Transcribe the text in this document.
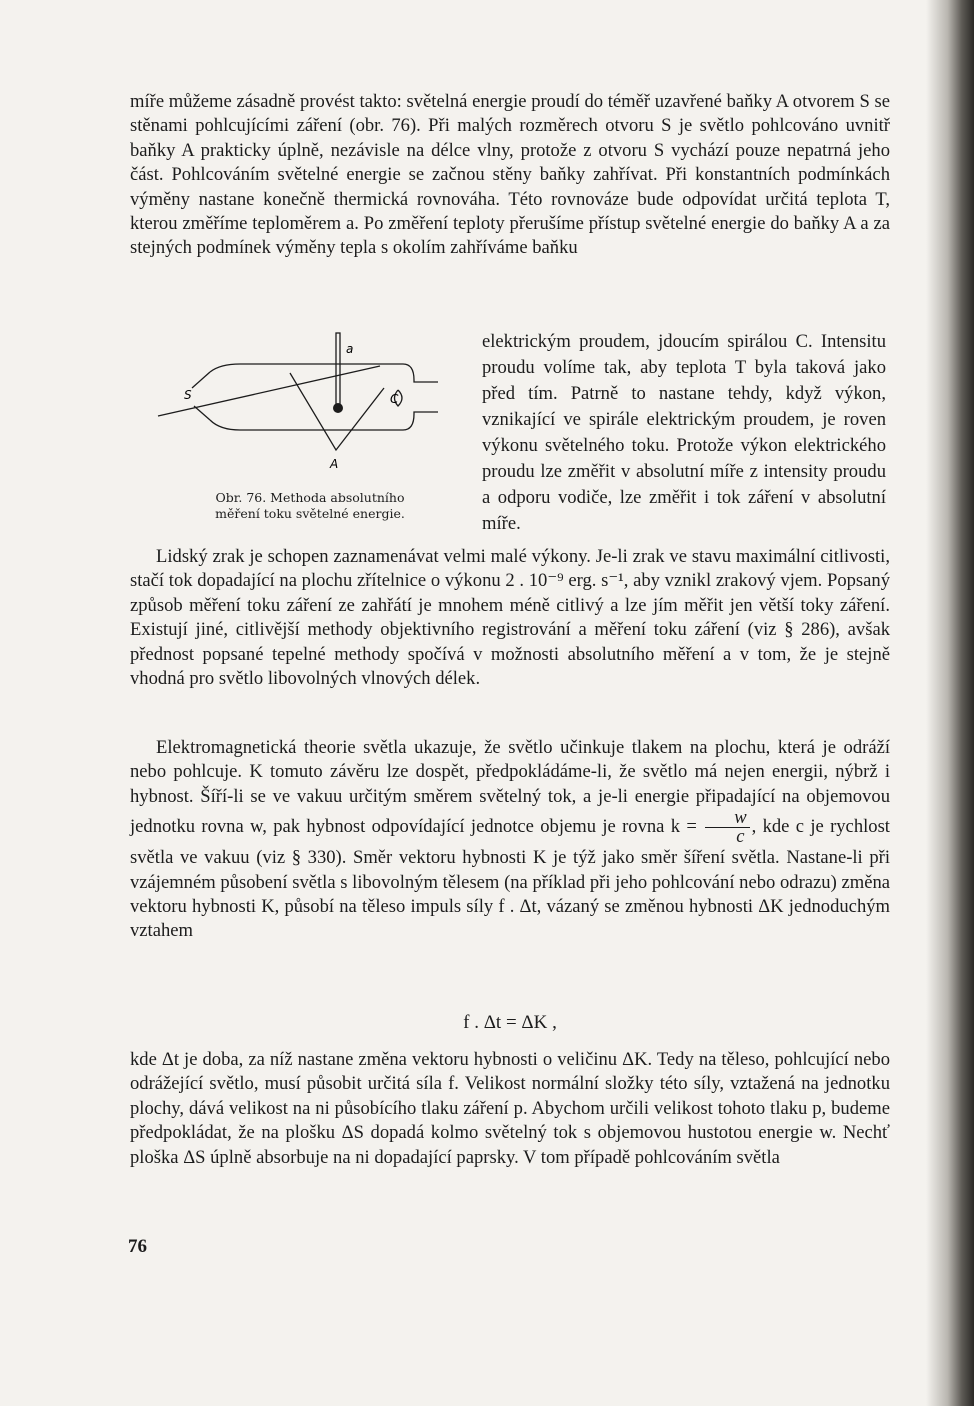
míře můžeme zásadně provést takto: světelná energie proudí do téměř uzavřené baňky A otvorem S se stěnami pohlcujícími záření (obr. 76). Při malých rozměrech otvoru S je světlo pohlcováno uvnitř baňky A prakticky úplně, nezávisle na délce vlny, protože z otvoru S vychází pouze nepatrná jeho část. Pohlcováním světelné energie se začnou stěny baňky zahřívat. Při konstantních podmínkách výměny nastane konečně thermická rovnováha. Této rovnováze bude odpovídat určitá teplota T, kterou změříme teploměrem a. Po změření teploty přerušíme přístup světelné energie do baňky A a za stejných podmínek výměny tepla s okolím zahříváme baňku

S
a
C
A
Obr. 76. Methoda absolutního
měření toku světelné energie.

elektrickým proudem, jdoucím spirálou C. Intensitu proudu volíme tak, aby teplota T byla taková jako před tím. Patrně to nastane tehdy, když výkon, vznikající ve spirále elektrickým proudem, je roven výkonu světelného toku. Protože výkon elektrického proudu lze změřit v absolutní míře z intensity proudu a odporu vodiče, lze změřit i tok záření v absolutní míře.

Lidský zrak je schopen zaznamenávat velmi malé výkony. Je-li zrak ve stavu maximální citlivosti, stačí tok dopadající na plochu zřítelnice o výkonu 2 . 10⁻⁹ erg. s⁻¹, aby vznikl zrakový vjem. Popsaný způsob měření toku záření ze zahřátí je mnohem méně citlivý a lze jím měřit jen větší toky záření. Existují jiné, citlivější methody objektivního registrování a měření toku záření (viz § 286), avšak přednost popsané tepelné methody spočívá v možnosti absolutního měření a v tom, že je stejně vhodná pro světlo libovolných vlnových délek.

Elektromagnetická theorie světla ukazuje, že světlo učinkuje tlakem na plochu, která je odráží nebo pohlcuje. K tomuto závěru lze dospět, předpokládáme-li, že světlo má nejen energii, nýbrž i hybnost. Šíří-li se ve vakuu určitým směrem světelný tok, a je-li energie připadající na objemovou jednotku rovna w, pak hybnost odpovídající jednotce objemu je rovna $k = \frac{w}{c}$ , kde c je rychlost světla ve vakuu (viz § 330). Směr vektoru hybnosti K je týž jako směr šíření světla. Nastane-li při vzájemném působení světla s libovolným tělesem (na příklad při jeho pohlcování nebo odrazu) změna vektoru hybnosti K, působí na těleso impuls síly f . Δt, vázaný se změnou hybnosti ΔK jednoduchým vztahem

f . Δt = ΔK ,

kde Δt je doba, za níž nastane změna vektoru hybnosti o veličinu ΔK. Tedy na těleso, pohlcující nebo odrážející světlo, musí působit určitá síla f. Velikost normální složky této síly, vztažená na jednotku plochy, dává velikost na ni působícího tlaku záření p. Abychom určili velikost tohoto tlaku p, budeme předpokládat, že na plošku ΔS dopadá kolmo světelný tok s objemovou hustotou energie w. Nechť ploška ΔS úplně absorbuje na ni dopadající paprsky. V tom případě pohlcováním světla

76
